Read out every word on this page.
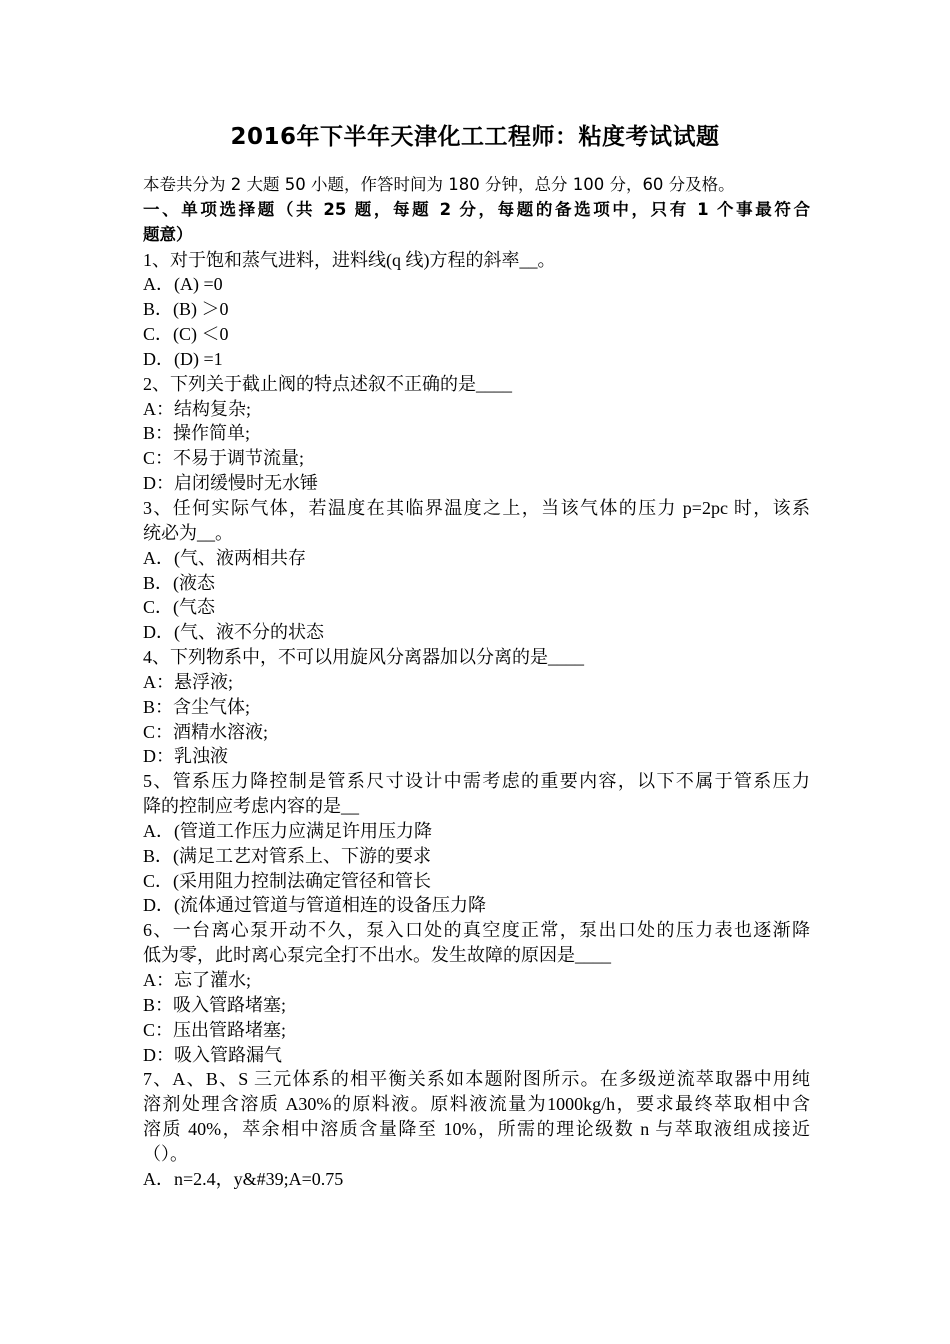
2016年下半年天津化工工程师：粘度考试试题
本卷共分为 2 大题 50 小题，作答时间为 180 分钟，总分 100 分，60 分及格。
一、单项选择题（共 25 题，每题 2 分，每题的备选项中，只有 1 个事最符合
题意）
1、对于饱和蒸气进料，进料线(q 线)方程的斜率__。
A．(A) =0
B．(B) ＞0
C．(C) ＜0
D．(D) =1
2、下列关于截止阀的特点述叙不正确的是____
A：结构复杂;
B：操作简单;
C：不易于调节流量;
D：启闭缓慢时无水锤
3、任何实际气体，若温度在其临界温度之上，当该气体的压力 p=2pc 时，该系
统必为__。
A．(气、液两相共存
B．(液态
C．(气态
D．(气、液不分的状态
4、下列物系中，不可以用旋风分离器加以分离的是____
A：悬浮液;
B：含尘气体;
C：酒精水溶液;
D：乳浊液
5、管系压力降控制是管系尺寸设计中需考虑的重要内容，以下不属于管系压力
降的控制应考虑内容的是__
A．(管道工作压力应满足许用压力降
B．(满足工艺对管系上、下游的要求
C．(采用阻力控制法确定管径和管长
D．(流体通过管道与管道相连的设备压力降
6、一台离心泵开动不久，泵入口处的真空度正常，泵出口处的压力表也逐渐降
低为零，此时离心泵完全打不出水。发生故障的原因是____
A：忘了灌水;
B：吸入管路堵塞;
C：压出管路堵塞;
D：吸入管路漏气
7、A、B、S 三元体系的相平衡关系如本题附图所示。在多级逆流萃取器中用纯
溶剂处理含溶质 A30%的原料液。原料液流量为1000kg/h，要求最终萃取相中含
溶质 40%，萃余相中溶质含量降至 10%，所需的理论级数 n 与萃取液组成接近
（）。
A．n=2.4，y&#39;A=0.75
